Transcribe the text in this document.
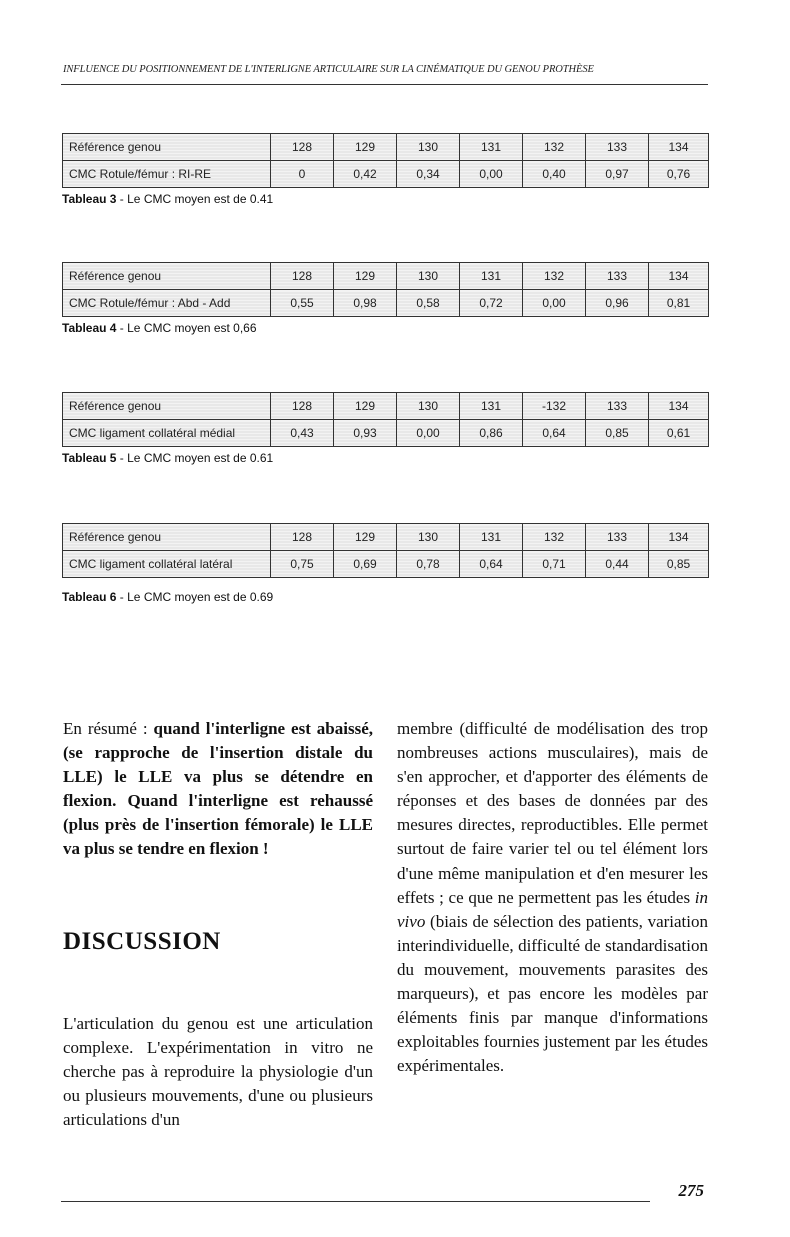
INFLUENCE DU POSITIONNEMENT DE L'INTERLIGNE ARTICULAIRE SUR LA CINÉMATIQUE DU GENOU PROTHÈSE
Référence genou	128	129	130	131	132	133	134
CMC Rotule/fémur : RI-RE	0	0,42	0,34	0,00	0,40	0,97	0,76
Tableau 3 - Le CMC moyen est de 0.41
Référence genou	128	129	130	131	132	133	134
CMC Rotule/fémur : Abd - Add	0,55	0,98	0,58	0,72	0,00	0,96	0,81
Tableau 4 - Le CMC moyen est 0,66
Référence genou	128	129	130	131	-132	133	134
CMC ligament collatéral médial	0,43	0,93	0,00	0,86	0,64	0,85	0,61
Tableau 5 - Le CMC moyen est de 0.61
Référence genou	128	129	130	131	132	133	134
CMC ligament collatéral latéral	0,75	0,69	0,78	0,64	0,71	0,44	0,85
Tableau 6 - Le CMC moyen est de 0.69

En résumé : quand l'interligne est abaissé, (se rapproche de l'insertion distale du LLE) le LLE va plus se détendre en flexion. Quand l'interligne est rehaussé (plus près de l'insertion fémorale) le LLE va plus se tendre en flexion !

DISCUSSION

L'articulation du genou est une articulation complexe. L'expérimentation in vitro ne cherche pas à reproduire la physiologie d'un ou plusieurs mouvements, d'une ou plusieurs articulations d'un

membre (difficulté de modélisation des trop nombreuses actions musculaires), mais de s'en approcher, et d'apporter des éléments de réponses et des bases de données par des mesures directes, reproductibles. Elle permet surtout de faire varier tel ou tel élément lors d'une même manipulation et d'en mesurer les effets ; ce que ne permettent pas les études in vivo (biais de sélection des patients, variation interindividuelle, difficulté de standardisation du mouvement, mouvements parasites des marqueurs), et pas encore les modèles par éléments finis par manque d'informations exploitables fournies justement par les études expérimentales.

275
